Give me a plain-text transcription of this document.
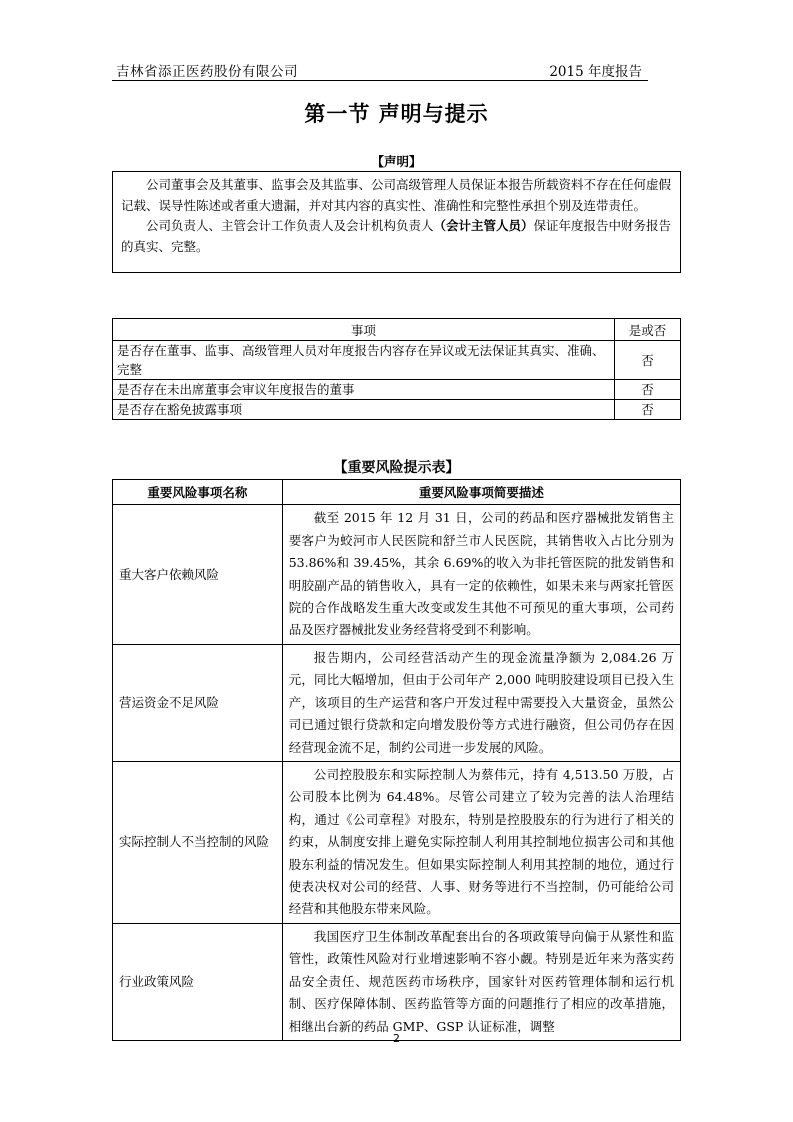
吉林省添正医药股份有限公司	2015 年度报告
第一节 声明与提示
【声明】

公司董事会及其董事、监事会及其监事、公司高级管理人员保证本报告所载资料不存在任何虚假记载、误导性陈述或者重大遗漏，并对其内容的真实性、准确性和完整性承担个别及连带责任。

公司负责人、主管会计工作负责人及会计机构负责人（会计主管人员）保证年度报告中财务报告的真实、完整。

事项	是或否
是否存在董事、监事、高级管理人员对年度报告内容存在异议或无法保证其真实、准确、完整	否
是否存在未出席董事会审议年度报告的董事	否
是否存在豁免披露事项	否
【重要风险提示表】
重要风险事项名称	重要风险事项简要描述
重大客户依赖风险	截至 2015 年 12 月 31 日，公司的药品和医疗器械批发销售主要客户为蛟河市人民医院和舒兰市人民医院，其销售收入占比分别为 53.86%和 39.45%，其余 6.69%的收入为非托管医院的批发销售和明胶副产品的销售收入，具有一定的依赖性，如果未来与两家托管医院的合作战略发生重大改变或发生其他不可预见的重大事项，公司药品及医疗器械批发业务经营将受到不利影响。
营运资金不足风险	报告期内，公司经营活动产生的现金流量净额为 2,084.26 万元，同比大幅增加，但由于公司年产 2,000 吨明胶建设项目已投入生产，该项目的生产运营和客户开发过程中需要投入大量资金，虽然公司已通过银行贷款和定向增发股份等方式进行融资，但公司仍存在因经营现金流不足，制约公司进一步发展的风险。
实际控制人不当控制的风险	公司控股股东和实际控制人为蔡伟元，持有 4,513.50 万股，占公司股本比例为 64.48%。尽管公司建立了较为完善的法人治理结构，通过《公司章程》对股东，特别是控股股东的行为进行了相关的约束，从制度安排上避免实际控制人利用其控制地位损害公司和其他股东利益的情况发生。但如果实际控制人利用其控制的地位，通过行使表决权对公司的经营、人事、财务等进行不当控制，仍可能给公司经营和其他股东带来风险。
行业政策风险	我国医疗卫生体制改革配套出台的各项政策导向偏于从紧性和监管性，政策性风险对行业增速影响不容小觑。特别是近年来为落实药品安全责任、规范医药市场秩序，国家针对医药管理体制和运行机制、医疗保障体制、医药监管等方面的问题推行了相应的改革措施，相继出台新的药品 GMP、GSP 认证标准，调整
2
